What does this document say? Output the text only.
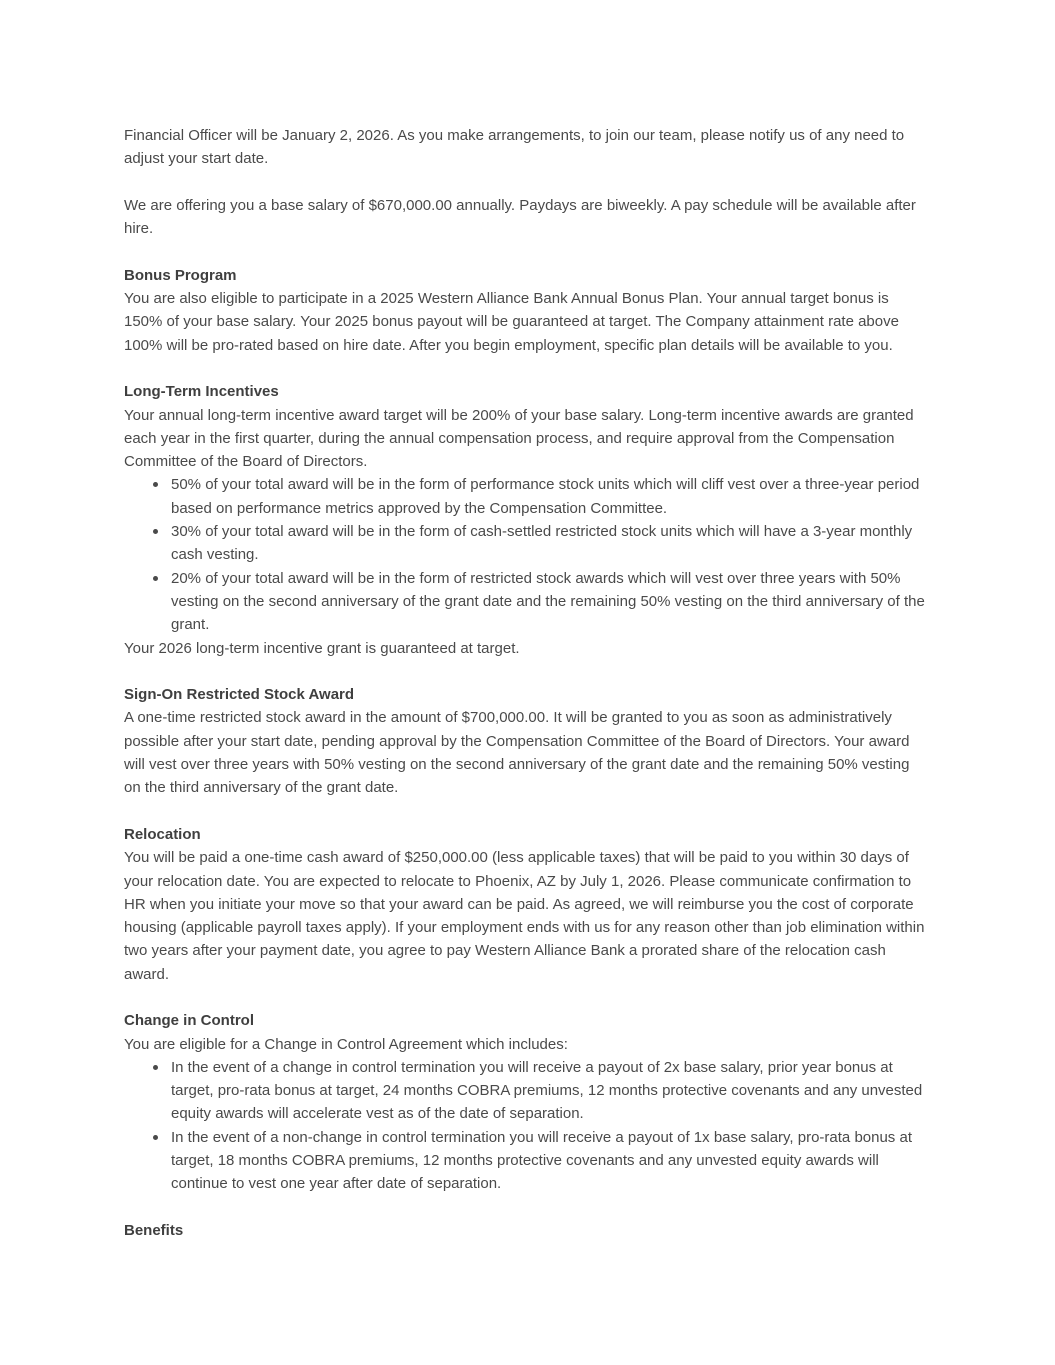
Financial Officer will be January 2, 2026. As you make arrangements, to join our team, please notify us of any need to adjust your start date.

We are offering you a base salary of $670,000.00 annually. Paydays are biweekly. A pay schedule will be available after hire.

Bonus Program

You are also eligible to participate in a 2025 Western Alliance Bank Annual Bonus Plan. Your annual target bonus is 150% of your base salary. Your 2025 bonus payout will be guaranteed at target. The Company attainment rate above 100% will be pro-rated based on hire date. After you begin employment, specific plan details will be available to you.

Long-Term Incentives

Your annual long-term incentive award target will be 200% of your base salary. Long-term incentive awards are granted each year in the first quarter, during the annual compensation process, and require approval from the Compensation Committee of the Board of Directors.

50% of your total award will be in the form of performance stock units which will cliff vest over a three-year period based on performance metrics approved by the Compensation Committee.
30% of your total award will be in the form of cash-settled restricted stock units which will have a 3-year monthly cash vesting.
20% of your total award will be in the form of restricted stock awards which will vest over three years with 50% vesting on the second anniversary of the grant date and the remaining 50% vesting on the third anniversary of the grant.

Your 2026 long-term incentive grant is guaranteed at target.

Sign-On Restricted Stock Award

A one-time restricted stock award in the amount of $700,000.00. It will be granted to you as soon as administratively possible after your start date, pending approval by the Compensation Committee of the Board of Directors. Your award will vest over three years with 50% vesting on the second anniversary of the grant date and the remaining 50% vesting on the third anniversary of the grant date.

Relocation

You will be paid a one-time cash award of $250,000.00 (less applicable taxes) that will be paid to you within 30 days of your relocation date. You are expected to relocate to Phoenix, AZ by July 1, 2026. Please communicate confirmation to HR when you initiate your move so that your award can be paid. As agreed, we will reimburse you the cost of corporate housing (applicable payroll taxes apply). If your employment ends with us for any reason other than job elimination within two years after your payment date, you agree to pay Western Alliance Bank a prorated share of the relocation cash award.

Change in Control

You are eligible for a Change in Control Agreement which includes:

In the event of a change in control termination you will receive a payout of 2x base salary, prior year bonus at target, pro-rata bonus at target, 24 months COBRA premiums, 12 months protective covenants and any unvested equity awards will accelerate vest as of the date of separation.
In the event of a non-change in control termination you will receive a payout of 1x base salary, pro-rata bonus at target, 18 months COBRA premiums, 12 months protective covenants and any unvested equity awards will continue to vest one year after date of separation.

Benefits
